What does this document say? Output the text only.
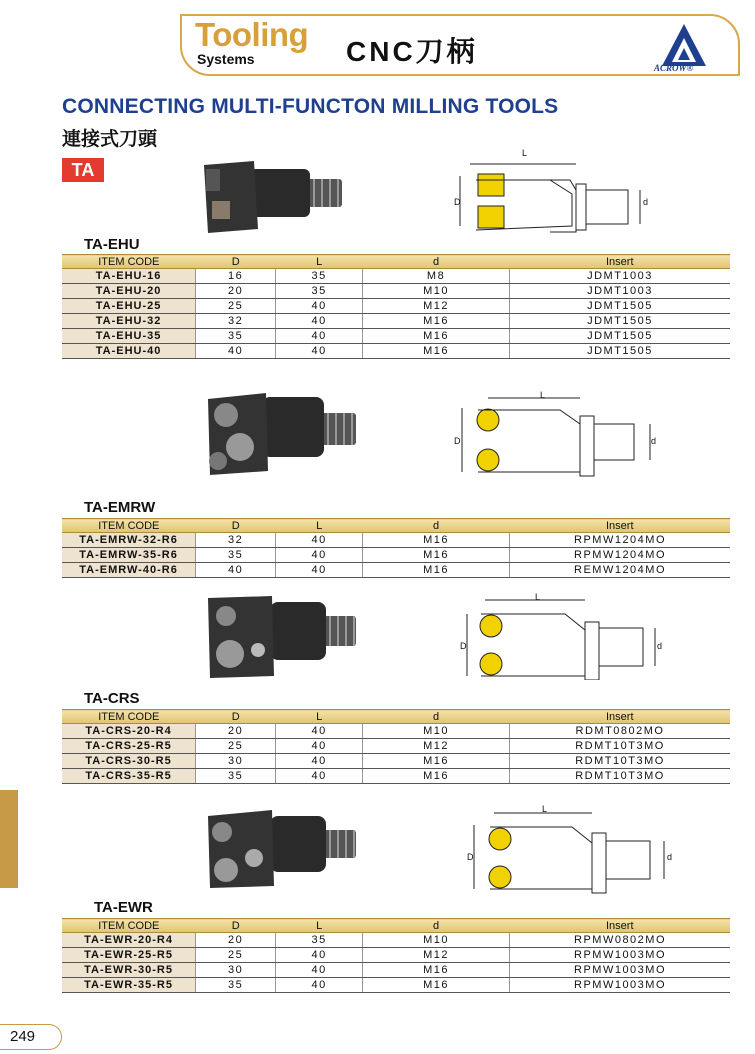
Tooling
Systems	CNC刀柄
ACROW®
CONNECTING MULTI-FUNCTON MILLING TOOLS
連接式刀頭
TA
L
D	d
TA-EHU
ITEM CODE	D	L	d	Insert
TA-EHU-16	16	35	M8	JDMT1003
TA-EHU-20	20	35	M10	JDMT1003
TA-EHU-25	25	40	M12	JDMT1505
TA-EHU-32	32	40	M16	JDMT1505
TA-EHU-35	35	40	M16	JDMT1505
TA-EHU-40	40	40	M16	JDMT1505
L
D	d
TA-EMRW
ITEM CODE	D	L	d	Insert
TA-EMRW-32-R6	32	40	M16	RPMW1204MO
TA-EMRW-35-R6	35	40	M16	RPMW1204MO
TA-EMRW-40-R6	40	40	M16	REMW1204MO
L
D	d
TA-CRS
ITEM CODE	D	L	d	Insert
TA-CRS-20-R4	20	40	M10	RDMT0802MO
TA-CRS-25-R5	25	40	M12	RDMT10T3MO
TA-CRS-30-R5	30	40	M16	RDMT10T3MO
TA-CRS-35-R5	35	40	M16	RDMT10T3MO
L
D	d
TA-EWR
ITEM CODE	D	L	d	Insert
TA-EWR-20-R4	20	35	M10	RPMW0802MO
TA-EWR-25-R5	25	40	M12	RPMW1003MO
TA-EWR-30-R5	30	40	M16	RPMW1003MO
TA-EWR-35-R5	35	40	M16	RPMW1003MO
249
